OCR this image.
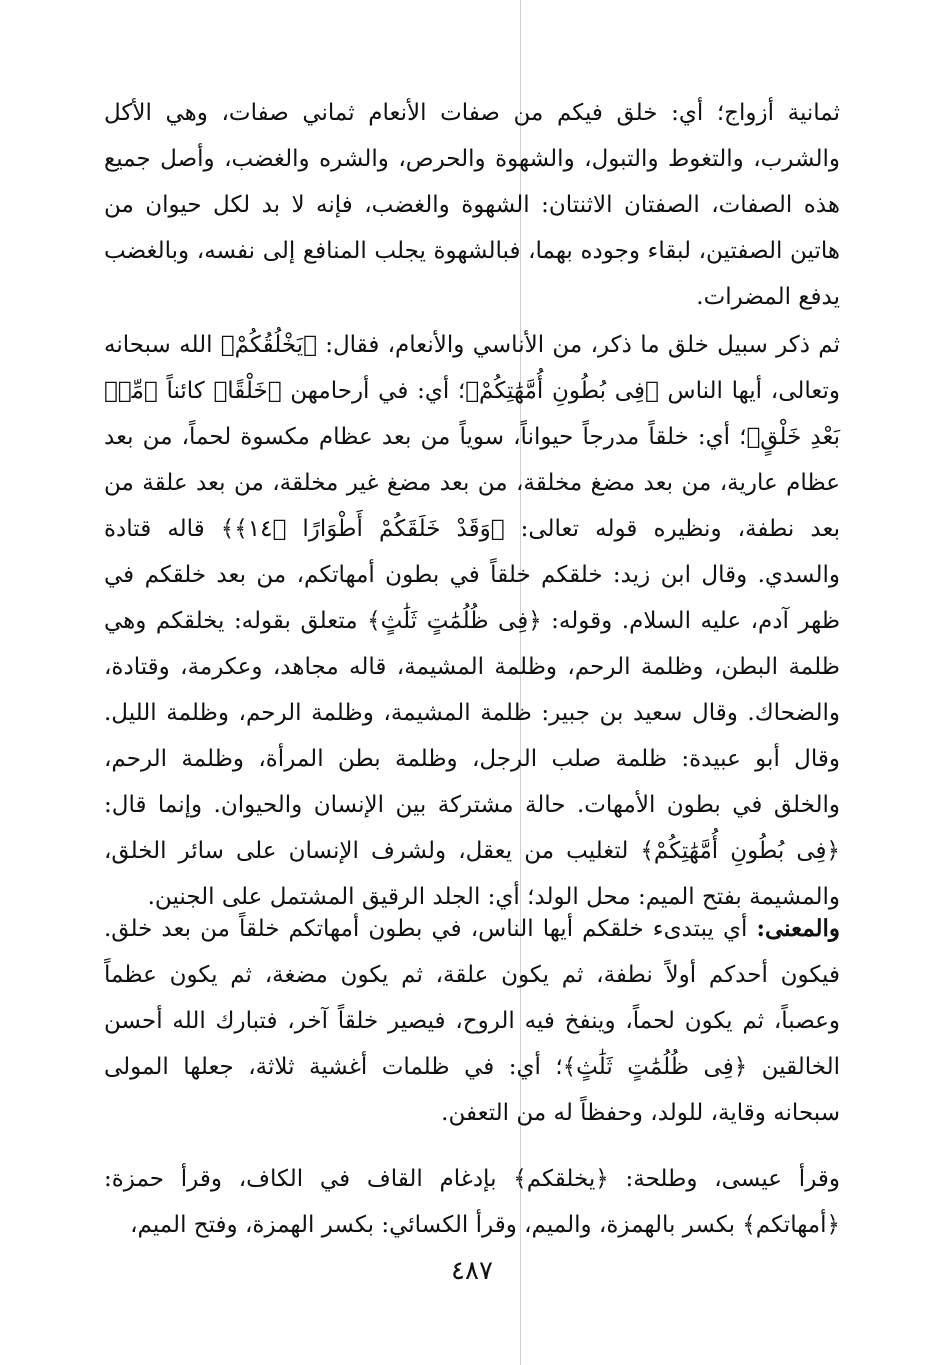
ثمانية أزواج؛ أي: خلق فيكم من صفات الأنعام ثماني صفات، وهي الأكل والشرب، والتغوط والتبول، والشهوة والحرص، والشره والغضب، وأصل جميع هذه الصفات، الصفتان الاثنتان: الشهوة والغضب، فإنه لا بد لكل حيوان من هاتين الصفتين، لبقاء وجوده بهما، فبالشهوة يجلب المنافع إلى نفسه، وبالغضب يدفع المضرات.

ثم ذكر سبيل خلق ما ذكر، من الأناسي والأنعام، فقال: ﴿يَخْلُقُكُمْ﴾ الله سبحانه وتعالى، أيها الناس ﴿فِى بُطُونِ أُمَّهَٰتِكُمْ﴾؛ أي: في أرحامهن ﴿خَلْقًا﴾ كائناً ﴿مِّنۢ بَعْدِ خَلْقٍ﴾؛ أي: خلقاً مدرجاً حيواناً، سوياً من بعد عظام مكسوة لحماً، من بعد عظام عارية، من بعد مضغ مخلقة، من بعد مضغ غير مخلقة، من بعد علقة من بعد نطفة، ونظيره قوله تعالى: ﴿وَقَدْ خَلَقَكُمْ أَطْوَارًا ﴿١٤﴾﴾ قاله قتادة والسدي. وقال ابن زيد: خلقكم خلقاً في بطون أمهاتكم، من بعد خلقكم في ظهر آدم، عليه السلام. وقوله: ﴿فِى ظُلُمَٰتٍ ثَلَٰثٍ﴾ متعلق بقوله: يخلقكم وهي ظلمة البطن، وظلمة الرحم، وظلمة المشيمة، قاله مجاهد، وعكرمة، وقتادة، والضحاك. وقال سعيد بن جبير: ظلمة المشيمة، وظلمة الرحم، وظلمة الليل. وقال أبو عبيدة: ظلمة صلب الرجل، وظلمة بطن المرأة، وظلمة الرحم، والخلق في بطون الأمهات. حالة مشتركة بين الإنسان والحيوان. وإنما قال: ﴿فِى بُطُونِ أُمَّهَٰتِكُمْ﴾ لتغليب من يعقل، ولشرف الإنسان على سائر الخلق، والمشيمة بفتح الميم: محل الولد؛ أي: الجلد الرقيق المشتمل على الجنين.

والمعنى: أي يبتدىء خلقكم أيها الناس، في بطون أمهاتكم خلقاً من بعد خلق. فيكون أحدكم أولاً نطفة، ثم يكون علقة، ثم يكون مضغة، ثم يكون عظماً وعصباً، ثم يكون لحماً، وينفخ فيه الروح، فيصير خلقاً آخر، فتبارك الله أحسن الخالقين ﴿فِى ظُلُمَٰتٍ ثَلَٰثٍ﴾؛ أي: في ظلمات أغشية ثلاثة، جعلها المولى سبحانه وقاية، للولد، وحفظاً له من التعفن.

وقرأ عيسى، وطلحة: ﴿يخلقكم﴾ بإدغام القاف في الكاف، وقرأ حمزة: ﴿أمهاتكم﴾ بكسر بالهمزة، والميم، وقرأ الكسائي: بكسر الهمزة، وفتح الميم،

٤٨٧
